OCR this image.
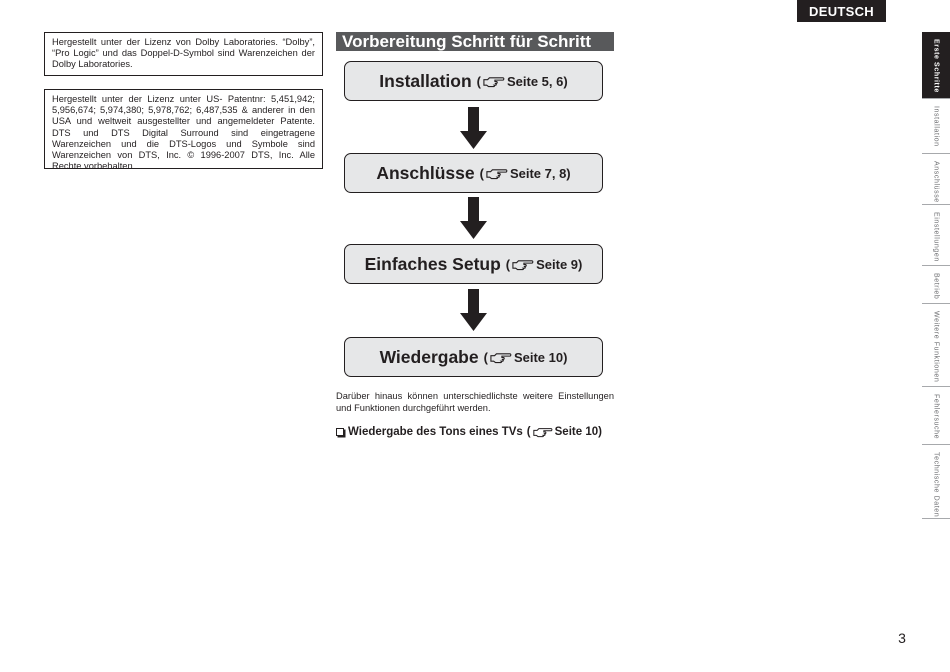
DEUTSCH

Hergestellt unter der Lizenz von Dolby Laboratories. “Dolby”, “Pro Logic” und das Doppel-D-Symbol sind Warenzeichen der Dolby Laboratories.

Hergestellt unter der Lizenz unter US- Patentnr: 5,451,942; 5,956,674; 5,974,380; 5,978,762; 6,487,535 & anderer in den USA und weltweit ausgestellter und angemeldeter Patente. DTS und DTS Digital Surround sind eingetragene Warenzeichen und die DTS-Logos und Symbole sind Warenzeichen von DTS, Inc. © 1996-2007 DTS, Inc. Alle Rechte vorbehalten.

Vorbereitung Schritt für Schritt
Installation ( Seite 5, 6)
Anschlüsse ( Seite 7, 8)
Einfaches Setup ( Seite 9)
Wiedergabe ( Seite 10)

Darüber hinaus können unterschiedlichste weitere Einstellungen und Funktionen durchgeführt werden.

Wiedergabe des Tons eines TVs ( Seite 10)
Erste Schritte
Installation
Anschlüsse
Einstellungen
Betrieb
Weitere Funktionen
Fehlersuche
Technische Daten
3
